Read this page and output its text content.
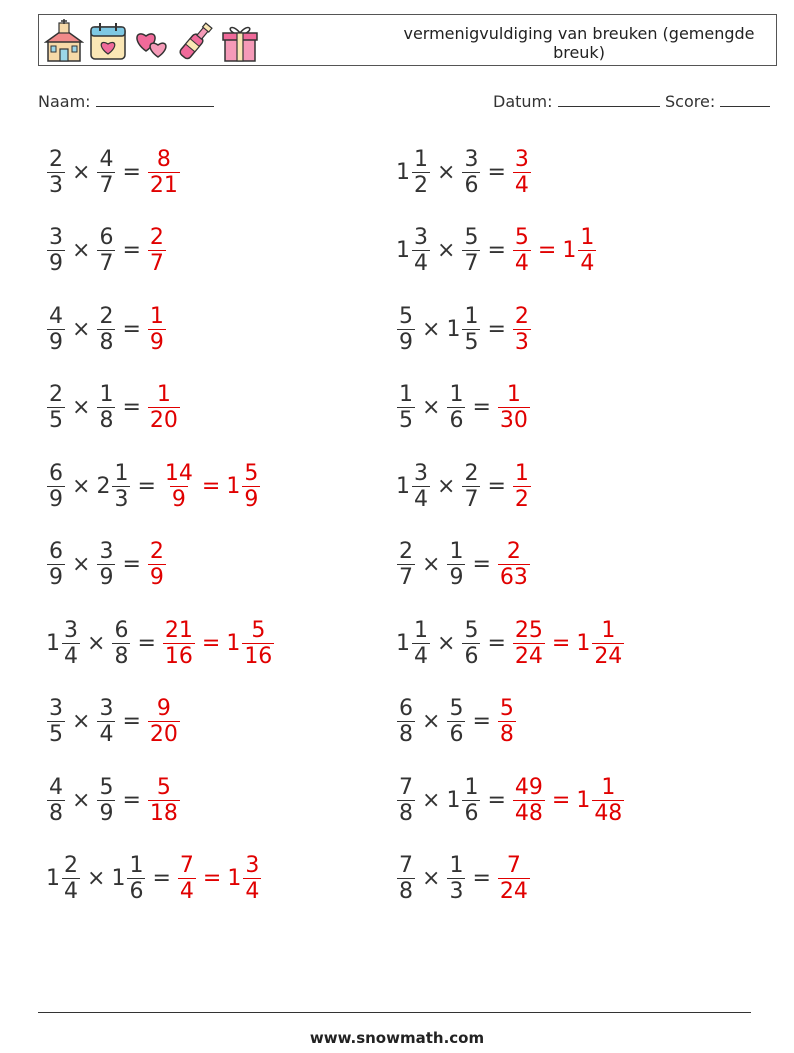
vermenigvuldiging van breuken (gemengde breuk)
Naam:	Datum:	Score:
$\frac{2}{3} \times \frac{4}{7} = \frac{8}{21}$	$1 \frac{1}{2} \times \frac{3}{6} = \frac{3}{4}$
$\frac{3}{9} \times \frac{6}{7} = \frac{2}{7}$	$1 \frac{3}{4} \times \frac{5}{7} = \frac{5}{4} = 1 \frac{1}{4}$
$\frac{4}{9} \times \frac{2}{8} = \frac{1}{9}$	$\frac{5}{9} \times 1 \frac{1}{5} = \frac{2}{3}$
$\frac{2}{5} \times \frac{1}{8} = \frac{1}{20}$	$\frac{1}{5} \times \frac{1}{6} = \frac{1}{30}$
$\frac{6}{9} \times 2 \frac{1}{3} = \frac{14}{9} = 1 \frac{5}{9}$	$1 \frac{3}{4} \times \frac{2}{7} = \frac{1}{2}$
$\frac{6}{9} \times \frac{3}{9} = \frac{2}{9}$	$\frac{2}{7} \times \frac{1}{9} = \frac{2}{63}$
$1 \frac{3}{4} \times \frac{6}{8} = \frac{21}{16} = 1 \frac{5}{16}$	$1 \frac{1}{4} \times \frac{5}{6} = \frac{25}{24} = 1 \frac{1}{24}$
$\frac{3}{5} \times \frac{3}{4} = \frac{9}{20}$	$\frac{6}{8} \times \frac{5}{6} = \frac{5}{8}$
$\frac{4}{8} \times \frac{5}{9} = \frac{5}{18}$	$\frac{7}{8} \times 1 \frac{1}{6} = \frac{49}{48} = 1 \frac{1}{48}$
$1 \frac{2}{4} \times 1 \frac{1}{6} = \frac{7}{4} = 1 \frac{3}{4}$	$\frac{7}{8} \times \frac{1}{3} = \frac{7}{24}$
www.snowmath.com
